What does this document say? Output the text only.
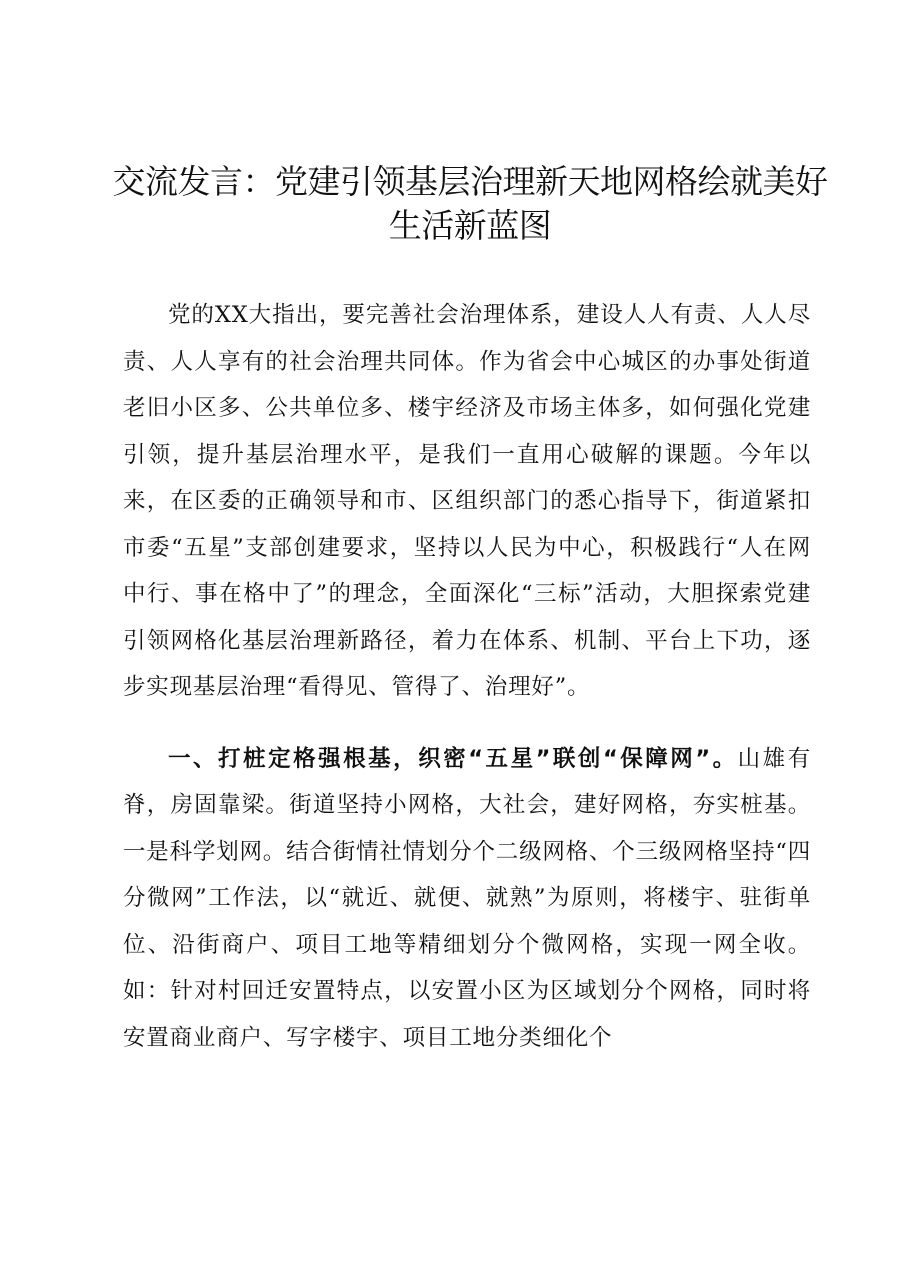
交流发言：党建引领基层治理新天地网格绘就美好生活新蓝图

党的XX大指出，要完善社会治理体系，建设人人有责、人人尽责、人人享有的社会治理共同体。作为省会中心城区的办事处街道老旧小区多、公共单位多、楼宇经济及市场主体多，如何强化党建引领，提升基层治理水平，是我们一直用心破解的课题。今年以来，在区委的正确领导和市、区组织部门的悉心指导下，街道紧扣市委“五星”支部创建要求，坚持以人民为中心，积极践行“人在网中行、事在格中了”的理念，全面深化“三标”活动，大胆探索党建引领网格化基层治理新路径，着力在体系、机制、平台上下功，逐步实现基层治理“看得见、管得了、治理好”。

一、打桩定格强根基，织密“五星”联创“保障网”。山雄有脊，房固靠梁。街道坚持小网格，大社会，建好网格，夯实桩基。一是科学划网。结合街情社情划分个二级网格、个三级网格坚持“四分微网”工作法，以“就近、就便、就熟”为原则，将楼宇、驻街单位、沿街商户、项目工地等精细划分个微网格，实现一网全收。如：针对村回迁安置特点，以安置小区为区域划分个网格，同时将安置商业商户、写字楼宇、项目工地分类细化个
